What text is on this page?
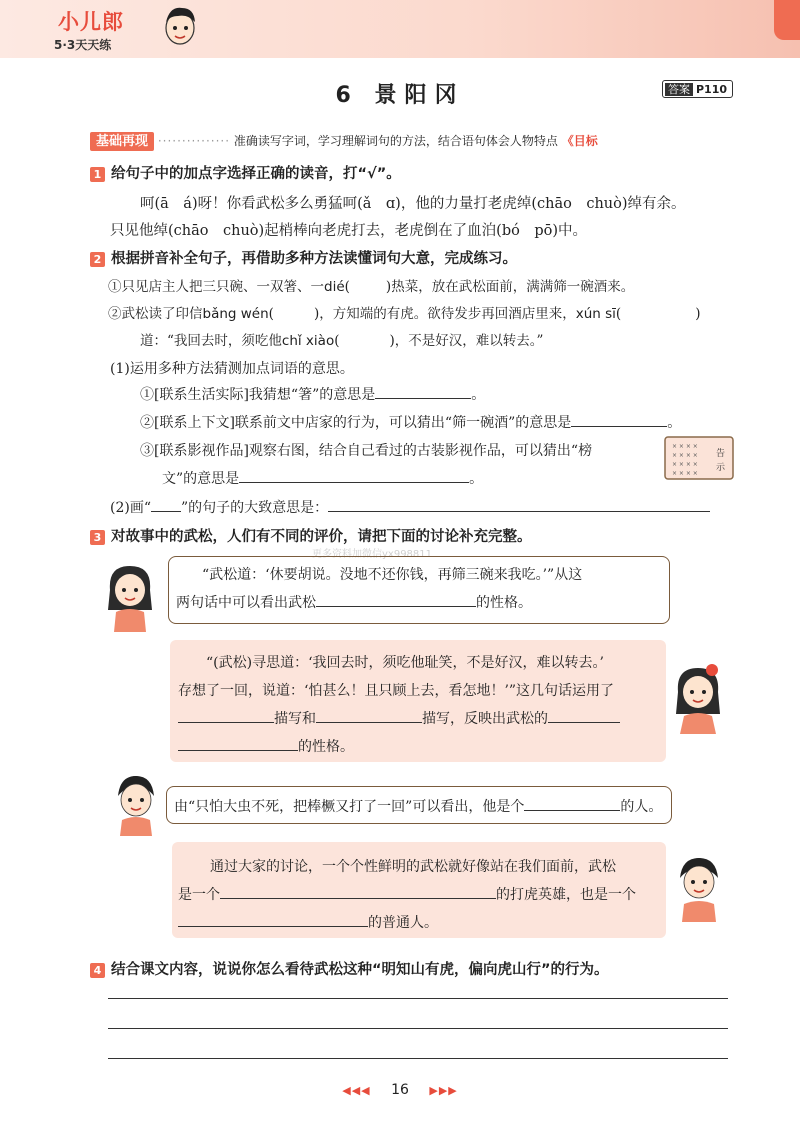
小儿郎
5·3天天练
6 景阳冈	答案 P110
基础再现 ··············· 准确读写字词，学习理解词句的方法，结合语句体会人物特点 《目标
1 给句子中的加点字选择正确的读音，打“√”。
呵(ā　á)呀！你看武松多么勇猛呵(ǎ　ɑ)，他的力量打老虎绰(chāo　chuò)绰有余。
只见他绰(chāo　chuò)起梢棒向老虎打去，老虎倒在了血泊(bó　pō)中。
2 根据拼音补全句子，再借助多种方法读懂词句大意，完成练习。
①只见店主人把三只碗、一双箸、一dié(	)热菜，放在武松面前，满满筛一碗酒来。
②武松读了印信bǎng wén(	)，方知端的有虎。欲待发步再回酒店里来，xún sī(	)
道：“我回去时，须吃他chǐ xiào(	)，不是好汉，难以转去。”
(1)运用多种方法猜测加点词语的意思。
①[联系生活实际]我猜想“箸”的意思是	。
②[联系上下文]联系前文中店家的行为，可以猜出“筛一碗酒”的意思是	。
③[联系影视作品]观察右图，结合自己看过的古装影视作品，可以猜出“榜
文”的意思是	。
× × × ×
× × × ×
× × × ×
× × × ×
告
示
(2)画“ ”的句子的大致意思是：
3 对故事中的武松，人们有不同的评价，请把下面的讨论补充完整。
更多资料加微信yx998811
“武松道：‘休要胡说。没地不还你钱，再筛三碗来我吃。’”从这
两句话中可以看出武松	的性格。
“(武松)寻思道：‘我回去时，须吃他耻笑，不是好汉，难以转去。’
存想了一回，说道：‘怕甚么！且只顾上去，看怎地！’”这几句话运用了
描写和	描写，反映出武松的
的性格。
由“只怕大虫不死，把棒橛又打了一回”可以看出，他是个	的人。
通过大家的讨论，一个个性鲜明的武松就好像站在我们面前，武松
是一个	的打虎英雄，也是一个
的普通人。
4 结合课文内容，说说你怎么看待武松这种“明知山有虎，偏向虎山行”的行为。
◀◀◀ 16 ▶▶▶
